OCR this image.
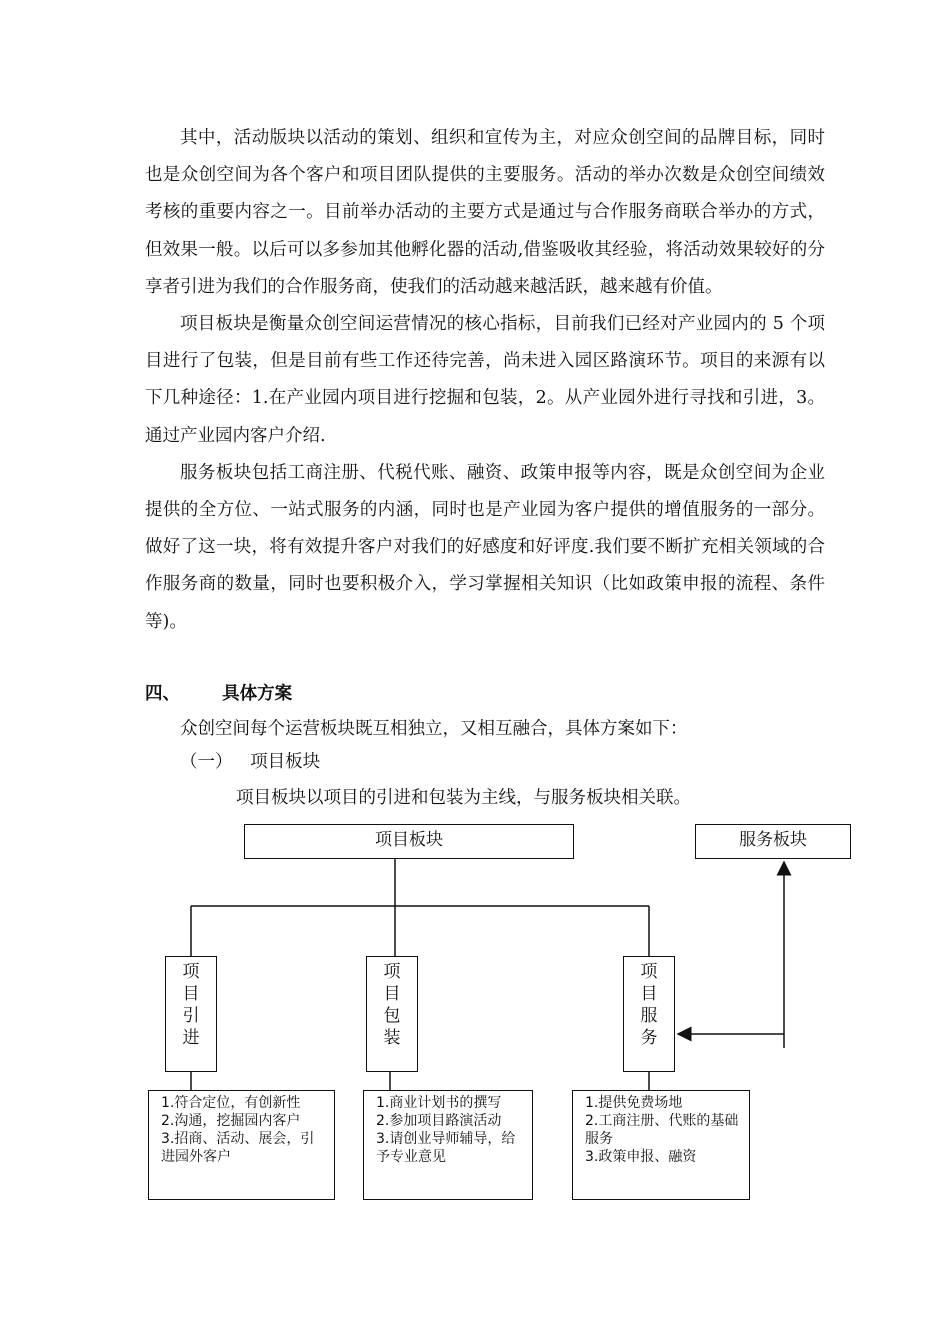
其中，活动版块以活动的策划、组织和宣传为主，对应众创空间的品牌目标，同时也是众创空间为各个客户和项目团队提供的主要服务。活动的举办次数是众创空间绩效考核的重要内容之一。目前举办活动的主要方式是通过与合作服务商联合举办的方式，但效果一般。以后可以多参加其他孵化器的活动,借鉴吸收其经验，将活动效果较好的分享者引进为我们的合作服务商，使我们的活动越来越活跃，越来越有价值。

项目板块是衡量众创空间运营情况的核心指标，目前我们已经对产业园内的 5 个项目进行了包装，但是目前有些工作还待完善，尚未进入园区路演环节。项目的来源有以下几种途径：1.在产业园内项目进行挖掘和包装，2。从产业园外进行寻找和引进，3。通过产业园内客户介绍.

服务板块包括工商注册、代税代账、融资、政策申报等内容，既是众创空间为企业提供的全方位、一站式服务的内涵，同时也是产业园为客户提供的增值服务的一部分。做好了这一块，将有效提升客户对我们的好感度和好评度.我们要不断扩充相关领域的合作服务商的数量，同时也要积极介入，学习掌握相关知识（比如政策申报的流程、条件等)。

四、 具体方案
众创空间每个运营板块既互相独立，又相互融合，具体方案如下：
（一） 项目板块
项目板块以项目的引进和包装为主线，与服务板块相关联。
项目板块	服务板块
项
目
引
进
项
目
包
装
项
目
服
务
1.符合定位，有创新性
2.沟通，挖掘园内客户
3.招商、活动、展会，引进园外客户
1.商业计划书的撰写
2.参加项目路演活动
3.请创业导师辅导，给予专业意见
1.提供免费场地
2.工商注册、代账的基础服务
3.政策申报、融资
